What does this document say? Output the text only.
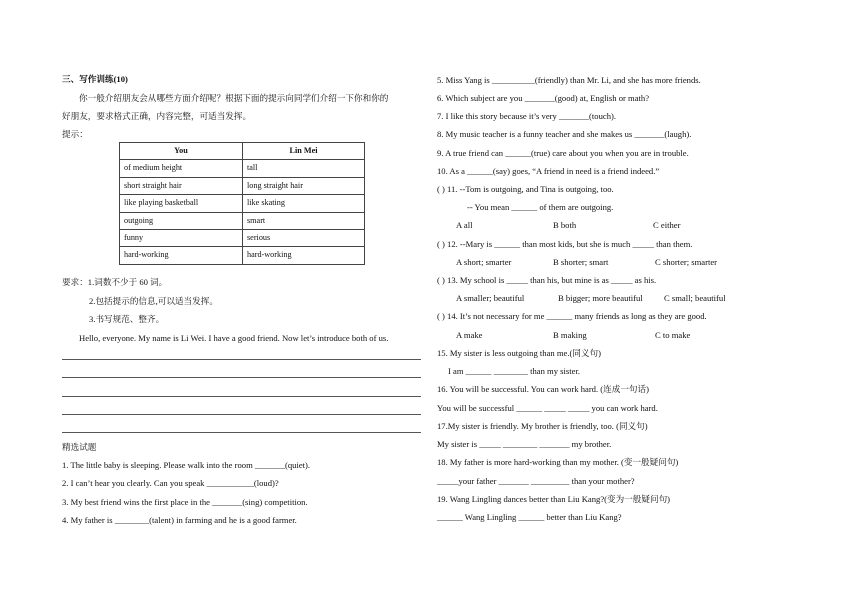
三、写作训练(10)
你一般介绍朋友会从哪些方面介绍呢？根据下面的提示向同学们介绍一下你和你的
好朋友，要求格式正确，内容完整，可适当发挥。
提示：
You	Lin Mei
of medium height	tall
short straight hair	long straight hair
like playing basketball	like skating
outgoing	smart
funny	serious
hard-working	hard-working
要求：1.词数不少于 60 词。
2.包括提示的信息,可以适当发挥。
3.书写规范、整齐。
Hello, everyone. My name is Li Wei. I have a good friend. Now let’s introduce both of us.
精选试题
1. The little baby is sleeping. Please walk into the room _______(quiet).
2. I can’t hear you clearly. Can you speak ___________(loud)?
3. My best friend wins the first place in the _______(sing) competition.
4. My father is ________(talent) in farming and he is a good farmer.
5. Miss Yang is __________(friendly) than Mr. Li, and she has more friends.
6. Which subject are you _______(good) at, English or math?
7. I like this story because it’s very _______(touch).
8. My music teacher is a funny teacher and she makes us _______(laugh).
9. A true friend can ______(true) care about you when you are in trouble.
10. As a ______(say) goes, “A friend in need is a friend indeed.”
( ) 11. --Tom is outgoing, and Tina is outgoing, too.
-- You mean ______ of them are outgoing.
A all	B both	C either
( ) 12. --Mary is ______ than most kids, but she is much _____ than them.
A short; smarter	B shorter; smart	C shorter; smarter
( ) 13. My school is _____ than his, but mine is as _____ as his.
A smaller; beautiful	B bigger; more beautiful C small; beautiful
( ) 14. It’s not necessary for me ______ many friends as long as they are good.
A make	B making	C to make
15. My sister is less outgoing than me.(同义句)
I am ______ ________ than my sister.
16. You will be successful. You can work hard. (连成一句话)
You will be successful ______ _____ _____ you can work hard.
17.My sister is friendly. My brother is friendly, too. (同义句)
My sister is _____ ________ _______ my brother.
18. My father is more hard-working than my mother. (变一般疑问句)
_____your father _______ _________ than your mother?
19. Wang Lingling dances better than Liu Kang?(变为一般疑问句)
______ Wang Lingling ______ better than Liu Kang?
